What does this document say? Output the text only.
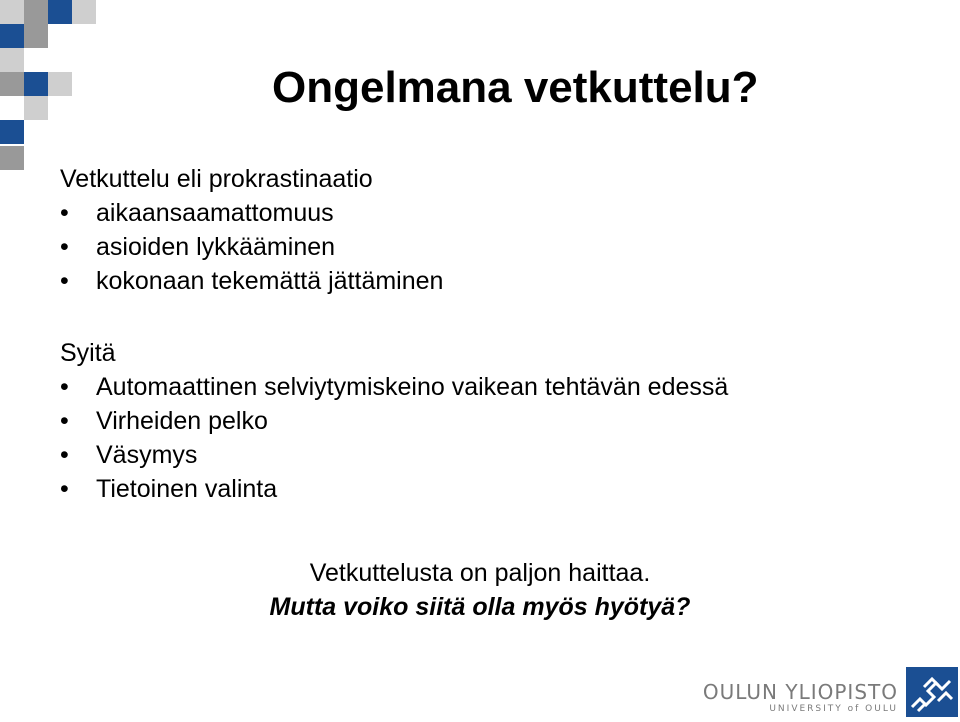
Ongelmana vetkuttelu?
Vetkuttelu eli prokrastinaatio
• aikaansaamattomuus
• asioiden lykkääminen
• kokonaan tekemättä jättäminen
Syitä
• Automaattinen selviytymiskeino vaikean tehtävän edessä
• Virheiden pelko
• Väsymys
• Tietoinen valinta
Vetkuttelusta on paljon haittaa.
Mutta voiko siitä olla myös hyötyä?
OULUN YLIOPISTO
UNIVERSITY of OULU
